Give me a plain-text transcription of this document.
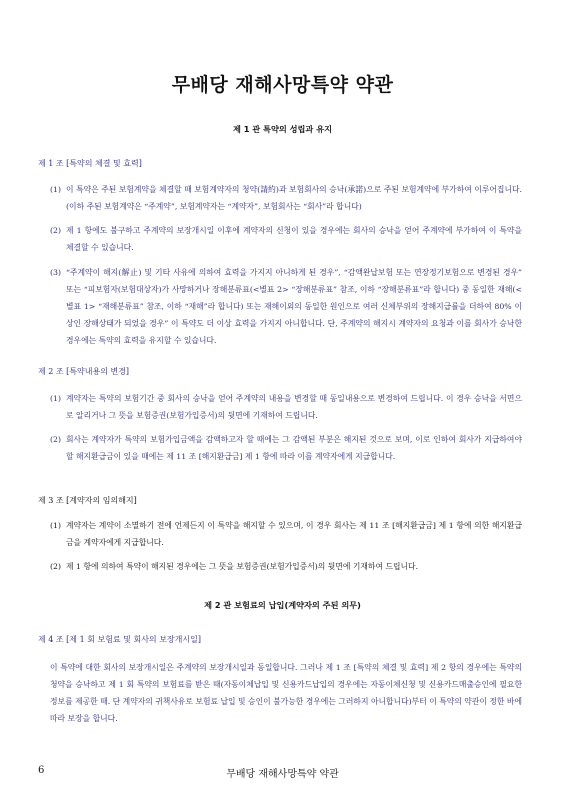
무배당 재해사망특약 약관
제 1 관 특약의 성립과 유지
제 1 조 [특약의 체결 및 효력]
(1) 이 특약은 주된 보험계약을 체결할 때 보험계약자의 청약(請約)과 보험회사의 승낙(承諾)으로 주된 보험계약에 부가하여 이루어집니다. (이하 주된 보험계약은 “주계약”, 보험계약자는 “계약자”, 보험회사는 “회사”라 합니다)
(2) 제 1 항에도 불구하고 주계약의 보장개시일 이후에 계약자의 신청이 있을 경우에는 회사의 승낙을 얻어 주계약에 부가하여 이 특약을 체결할 수 있습니다.
(3) “주계약이 해지(解止) 및 기타 사유에 의하여 효력을 가지지 아니하게 된 경우”, “감액완납보험 또는 연장정기보험으로 변경된 경우” 또는 “피보험자(보험대상자)가 사망하거나 장해분류표(<별표 2> “장해분류표” 참조, 이하 “장해분류표”라 합니다) 중 동일한 재해(<별표 1> “재해분류표” 참조, 이하 “재해”라 합니다) 또는 재해이외의 동일한 원인으로 여러 신체부위의 장해지급률을 더하여 80% 이상인 장해상태가 되었을 경우” 이 특약도 더 이상 효력을 가지지 아니합니다. 단, 주계약의 해지시 계약자의 요청과 이를 회사가 승낙한 경우에는 특약의 효력을 유지할 수 있습니다.
제 2 조 [특약내용의 변경]
(1) 계약자는 특약의 보험기간 중 회사의 승낙을 얻어 주계약의 내용을 변경할 때 동일내용으로 변경하여 드립니다. 이 경우 승낙을 서면으로 알리거나 그 뜻을 보험증권(보험가입증서)의 뒷면에 기재하여 드립니다.
(2) 회사는 계약자가 특약의 보험가입금액을 감액하고자 할 때에는 그 감액된 부분은 해지된 것으로 보며, 이로 인하여 회사가 지급하여야 할 해지환급금이 있을 때에는 제 11 조 [해지환급금] 제 1 항에 따라 이를 계약자에게 지급합니다.
제 3 조 [계약자의 임의해지]
(1) 계약자는 계약이 소멸하기 전에 언제든지 이 특약을 해지할 수 있으며, 이 경우 회사는 제 11 조 [해지환급금] 제 1 항에 의한 해지환급금을 계약자에게 지급합니다.
(2) 제 1 항에 의하여 특약이 해지된 경우에는 그 뜻을 보험증권(보험가입증서)의 뒷면에 기재하여 드립니다.
제 2 관 보험료의 납입(계약자의 주된 의무)
제 4 조 [제 1 회 보험료 및 회사의 보장개시일]
이 특약에 대한 회사의 보장개시일은 주계약의 보장개시일과 동일합니다. 그러나 제 1 조 [특약의 체결 및 효력] 제 2 항의 경우에는 특약의 청약을 승낙하고 제 1 회 특약의 보험료를 받은 때(자동이체납입 및 신용카드납입의 경우에는 자동이체신청 및 신용카드매출승인에 필요한 정보를 제공한 때. 단 계약자의 귀책사유로 보험료 납입 및 승인이 불가능한 경우에는 그러하지 아니합니다)부터 이 특약의 약관이 정한 바에 따라 보장을 합니다.
6	무배당 재해사망특약 약관
